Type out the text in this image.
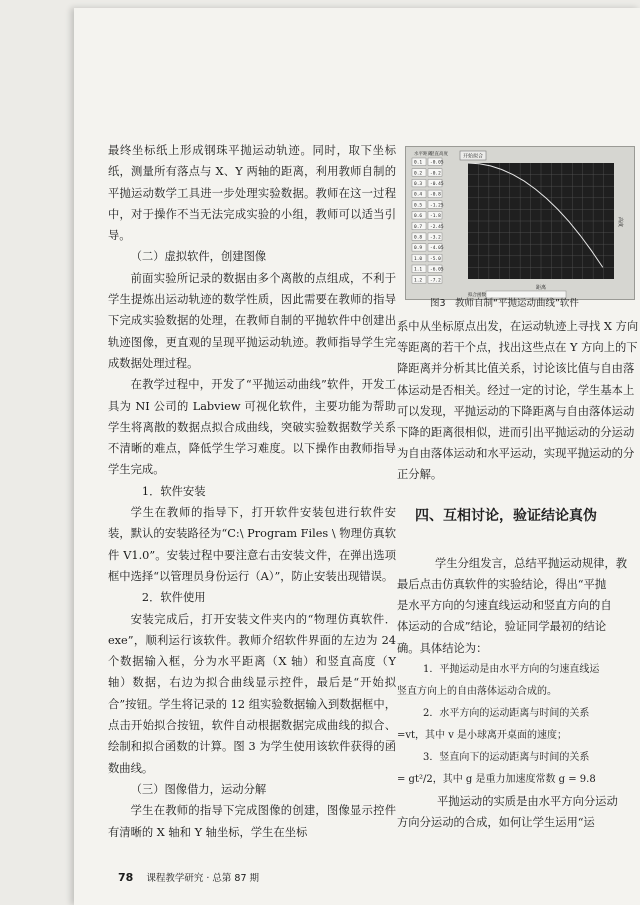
最终坐标纸上形成钢珠平抛运动轨迹。同时，取下坐标纸，测量所有落点与 X、Y 两轴的距离，利用教师自制的平抛运动数学工具进一步处理实验数据。教师在这一过程中，对于操作不当无法完成实验的小组，教师可以适当引导。

（二）虚拟软件，创建图像

前面实验所记录的数据由多个离散的点组成，不利于学生提炼出运动轨迹的数学性质，因此需要在教师的指导下完成实验数据的处理，在教师自制的平抛软件中创建出轨迹图像，更直观的呈现平抛运动轨迹。教师指导学生完成数据处理过程。

在教学过程中，开发了“平抛运动曲线”软件，开发工具为 NI 公司的 Labview 可视化软件，主要功能为帮助学生将离散的数据点拟合成曲线，突破实验数据数学关系不清晰的难点，降低学生学习难度。以下操作由教师指导学生完成。

1．软件安装

学生在教师的指导下，打开软件安装包进行软件安装，默认的安装路径为“C:\ Program Files \ 物理仿真软件 V1.0”。安装过程中要注意右击安装文件，在弹出选项框中选择“以管理员身份运行（A）”，防止安装出现错误。

2．软件使用

安装完成后，打开安装文件夹内的“物理仿真软件．exe”，顺利运行该软件。教师介绍软件界面的左边为 24 个数据输入框，分为水平距离（X 轴）和竖直高度（Y 轴）数据，右边为拟合曲线显示控件，最后是“开始拟合”按钮。学生将记录的 12 组实验数据输入到数据框中，点击开始拟合按钮，软件自动根据数据完成曲线的拟合、绘制和拟合函数的计算。图 3 为学生使用该软件获得的函数曲线。

（三）图像借力，运动分解

学生在教师的指导下完成图像的创建，图像显示控件有清晰的 X 轴和 Y 轴坐标，学生在坐标

水平距离
竖直高度
0.1 -0.05
0.2 -0.2
0.3 -0.45
0.4 -0.8
0.5 -1.25
0.6 -1.8
0.7 -2.45
0.8 -3.2
0.9 -4.05
1.0 -5.0
1.1 -6.05
1.2 -7.2
开始拟合
距离
高度
拟合函数
图3　教师自制“平抛运动曲线”软件

系中从坐标原点出发，在运动轨迹上寻找 X 方向

等距离的若干个点，找出这些点在 Y 方向上的下

降距离并分析其比值关系，讨论该比值与自由落

体运动是否相关。经过一定的讨论，学生基本上

可以发现，平抛运动的下降距离与自由落体运动

下降的距离很相似，进而引出平抛运动的分运动

为自由落体运动和水平运动，实现平抛运动的分

正分解。

四、互相讨论，验证结论真伪

学生分组发言，总结平抛运动规律，教

最后点击仿真软件的实验结论，得出“平抛

是水平方向的匀速直线运动和竖直方向的自

体运动的合成”结论，验证同学最初的结论

确。具体结论为：

1．平抛运动是由水平方向的匀速直线运

竖直方向上的自由落体运动合成的。

2．水平方向的运动距离与时间的关系

=vt，其中 v 是小球离开桌面的速度；

3．竖直向下的运动距离与时间的关系

= gt²/2，其中 g 是重力加速度常数 g = 9.8

平抛运动的实质是由水平方向分运动

方向分运动的合成，如何让学生运用“运

78 课程教学研究 · 总第 87 期
